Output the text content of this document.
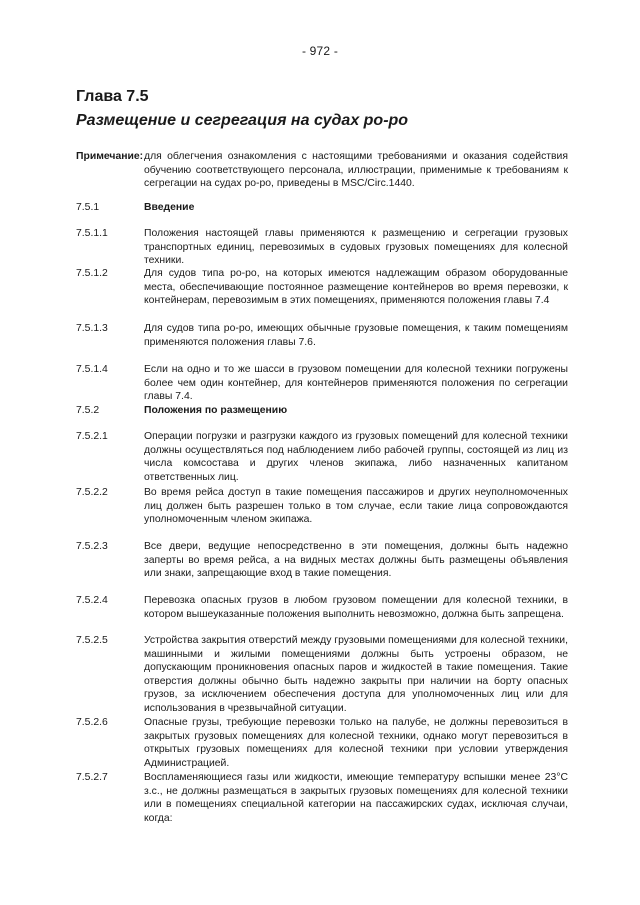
- 972 -
Глава 7.5
Размещение и сегрегация на судах ро-ро
Примечание: для облегчения ознакомления с настоящими требованиями и оказания содействия обучению соответствующего персонала, иллюстрации, применимые к требованиям к сегрегации на судах ро-ро, приведены в MSC/Circ.1440.
7.5.1	Введение
7.5.1.1	Положения настоящей главы применяются к размещению и сегрегации грузовых транспортных единиц, перевозимых в судовых грузовых помещениях для колесной техники.
7.5.1.2	Для судов типа ро-ро, на которых имеются надлежащим образом оборудованные места, обеспечивающие постоянное размещение контейнеров во время перевозки, к контейнерам, перевозимым в этих помещениях, применяются положения главы 7.4
7.5.1.3	Для судов типа ро-ро, имеющих обычные грузовые помещения, к таким помещениям применяются положения главы 7.6.
7.5.1.4	Если на одно и то же шасси в грузовом помещении для колесной техники погружены более чем один контейнер, для контейнеров применяются положения по сегрегации главы 7.4.
7.5.2	Положения по размещению
7.5.2.1	Операции погрузки и разгрузки каждого из грузовых помещений для колесной техники должны осуществляться под наблюдением либо рабочей группы, состоящей из лиц из числа комсостава и других членов экипажа, либо назначенных капитаном ответственных лиц.
7.5.2.2	Во время рейса доступ в такие помещения пассажиров и других неуполномоченных лиц должен быть разрешен только в том случае, если такие лица сопровождаются уполномоченным членом экипажа.
7.5.2.3	Все двери, ведущие непосредственно в эти помещения, должны быть надежно заперты во время рейса, а на видных местах должны быть размещены объявления или знаки, запрещающие вход в такие помещения.
7.5.2.4	Перевозка опасных грузов в любом грузовом помещении для колесной техники, в котором вышеуказанные положения выполнить невозможно, должна быть запрещена.
7.5.2.5	Устройства закрытия отверстий между грузовыми помещениями для колесной техники, машинными и жилыми помещениями должны быть устроены образом, не допускающим проникновения опасных паров и жидкостей в такие помещения. Такие отверстия должны обычно быть надежно закрыты при наличии на борту опасных грузов, за исключением обеспечения доступа для уполномоченных лиц или для использования в чрезвычайной ситуации.
7.5.2.6	Опасные грузы, требующие перевозки только на палубе, не должны перевозиться в закрытых грузовых помещениях для колесной техники, однако могут перевозиться в открытых грузовых помещениях для колесной техники при условии утверждения Администрацией.
7.5.2.7	Воспламеняющиеся газы или жидкости, имеющие температуру вспышки менее 23°С з.с., не должны размещаться в закрытых грузовых помещениях для колесной техники или в помещениях специальной категории на пассажирских судах, исключая случаи, когда:
